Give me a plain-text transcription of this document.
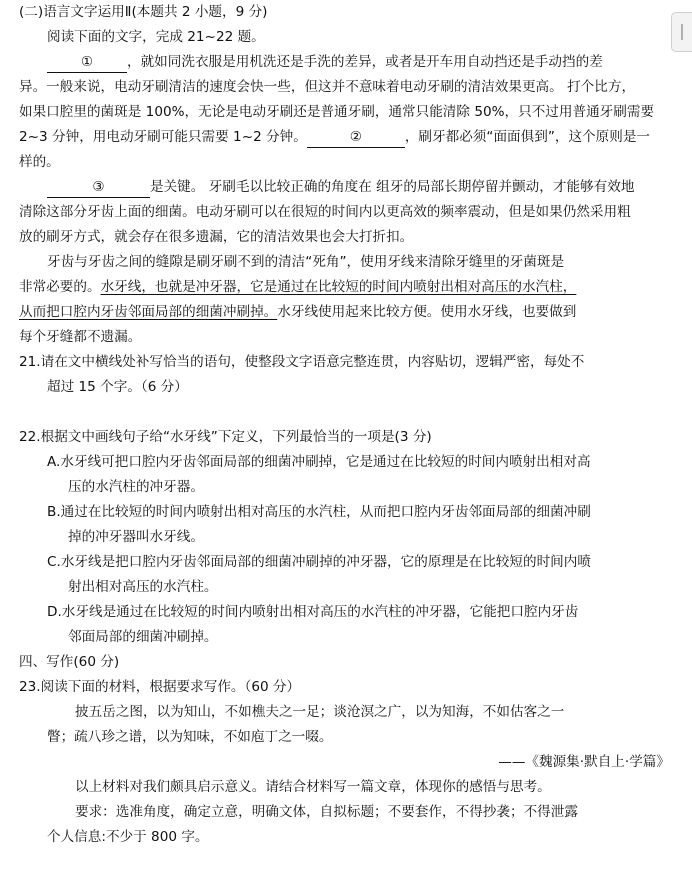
(二)语言文字运用Ⅱ(本题共 2 小题，9 分)
阅读下面的文字，完成 21~22 题。
① ，就如同洗衣服是用机洗还是手洗的差异，或者是开车用自动挡还是手动挡的差
异。一般来说，电动牙刷清洁的速度会快一些，但这并不意味着电动牙刷的清洁效果更高。 打个比方，
如果口腔里的菌斑是 100%，无论是电动牙刷还是普通牙刷，通常只能清除 50%，只不过用普通牙刷需要
2~3 分钟，用电动牙刷可能只需要 1~2 分钟。	②	，刷牙都必须“面面俱到”，这个原则是一
样的。
③	是关键。 牙刷毛以比较正确的角度在 组牙的局部长期停留并颤动，才能够有效地
清除这部分牙齿上面的细菌。电动牙刷可以在很短的时间内以更高效的频率震动，但是如果仍然采用粗
放的刷牙方式，就会存在很多遗漏，它的清洁效果也会大打折扣。
牙齿与牙齿之间的缝隙是刷牙刷不到的清洁“死角”，使用牙线来清除牙缝里的牙菌斑是
非常必要的。水牙线，也就是冲牙器，它是通过在比较短的时间内喷射出相对高压的水汽柱，
从而把口腔内牙齿邻面局部的细菌冲刷掉。水牙线使用起来比较方便。使用水牙线，也要做到
每个牙缝都不遗漏。
21.请在文中横线处补写恰当的语句，使整段文字语意完整连贯，内容贴切，逻辑严密，每处不
超过 15 个字。（6 分）
22.根据文中画线句子给“水牙线”下定义，下列最恰当的一项是(3 分)
A.水牙线可把口腔内牙齿邻面局部的细菌冲刷掉，它是通过在比较短的时间内喷射出相对高
压的水汽柱的冲牙器。
B.通过在比较短的时间内喷射出相对高压的水汽柱，从而把口腔内牙齿邻面局部的细菌冲刷
掉的冲牙器叫水牙线。
C.水牙线是把口腔内牙齿邻面局部的细菌冲刷掉的冲牙器，它的原理是在比较短的时间内喷
射出相对高压的水汽柱。
D.水牙线是通过在比较短的时间内喷射出相对高压的水汽柱的冲牙器，它能把口腔内牙齿
邻面局部的细菌冲刷掉。
四、写作(60 分)
23.阅读下面的材料，根据要求写作。（60 分）
披五岳之图，以为知山，不如樵夫之一足；谈沧溟之广，以为知海，不如估客之一
瞥；疏八珍之谱，以为知味，不如庖丁之一啜。
——《魏源集·默自上·学篇》
以上材料对我们颇具启示意义。请结合材料写一篇文章，体现你的感悟与思考。
要求：选准角度，确定立意，明确文体，自拟标题；不要套作，不得抄袭；不得泄露
个人信息:不少于 800 字。
